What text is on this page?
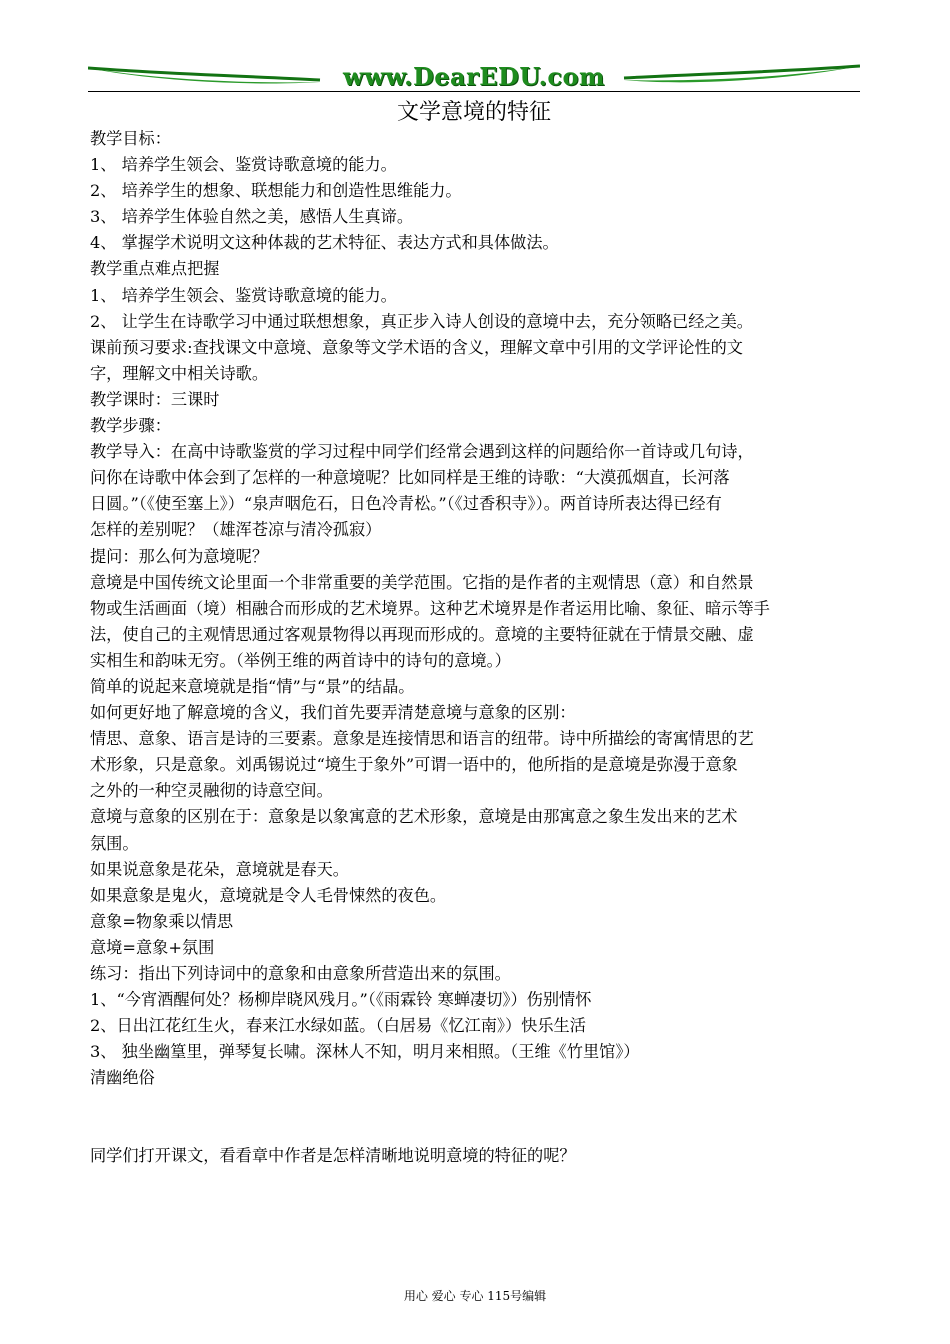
www.DearEDU.com
文学意境的特征
教学目标：
1、 培养学生领会、鉴赏诗歌意境的能力。
2、 培养学生的想象、联想能力和创造性思维能力。
3、 培养学生体验自然之美，感悟人生真谛。
4、 掌握学术说明文这种体裁的艺术特征、表达方式和具体做法。
教学重点难点把握
1、 培养学生领会、鉴赏诗歌意境的能力。
2、 让学生在诗歌学习中通过联想想象，真正步入诗人创设的意境中去，充分领略已经之美。
课前预习要求:查找课文中意境、意象等文学术语的含义，理解文章中引用的文学评论性的文
字，理解文中相关诗歌。
教学课时：三课时
教学步骤：
教学导入：在高中诗歌鉴赏的学习过程中同学们经常会遇到这样的问题给你一首诗或几句诗，
问你在诗歌中体会到了怎样的一种意境呢？比如同样是王维的诗歌：“大漠孤烟直，长河落
日圆。”（《使至塞上》）“泉声咽危石，日色冷青松。”（《过香积寺》）。两首诗所表达得已经有
怎样的差别呢？（雄浑苍凉与清冷孤寂）
提问：那么何为意境呢？
意境是中国传统文论里面一个非常重要的美学范围。它指的是作者的主观情思（意）和自然景
物或生活画面（境）相融合而形成的艺术境界。这种艺术境界是作者运用比喻、象征、暗示等手
法，使自己的主观情思通过客观景物得以再现而形成的。意境的主要特征就在于情景交融、虚
实相生和韵味无穷。（举例王维的两首诗中的诗句的意境。）
简单的说起来意境就是指“情”与“景”的结晶。
如何更好地了解意境的含义，我们首先要弄清楚意境与意象的区别：
情思、意象、语言是诗的三要素。意象是连接情思和语言的纽带。诗中所描绘的寄寓情思的艺
术形象，只是意象。刘禹锡说过“境生于象外”可谓一语中的，他所指的是意境是弥漫于意象
之外的一种空灵融彻的诗意空间。
意境与意象的区别在于：意象是以象寓意的艺术形象，意境是由那寓意之象生发出来的艺术
氛围。
如果说意象是花朵，意境就是春天。
如果意象是鬼火，意境就是令人毛骨悚然的夜色。
意象=物象乘以情思
意境=意象+氛围
练习：指出下列诗词中的意象和由意象所营造出来的氛围。
1、“今宵酒醒何处？杨柳岸晓风残月。”（《雨霖铃 寒蝉凄切》）伤别情怀
2、日出江花红生火，春来江水绿如蓝。（白居易《忆江南》）快乐生活
3、 独坐幽篁里，弹琴复长啸。深林人不知，明月来相照。（王维《竹里馆》）
清幽绝俗
同学们打开课文，看看章中作者是怎样清晰地说明意境的特征的呢？
用心 爱心 专心 115号编辑
